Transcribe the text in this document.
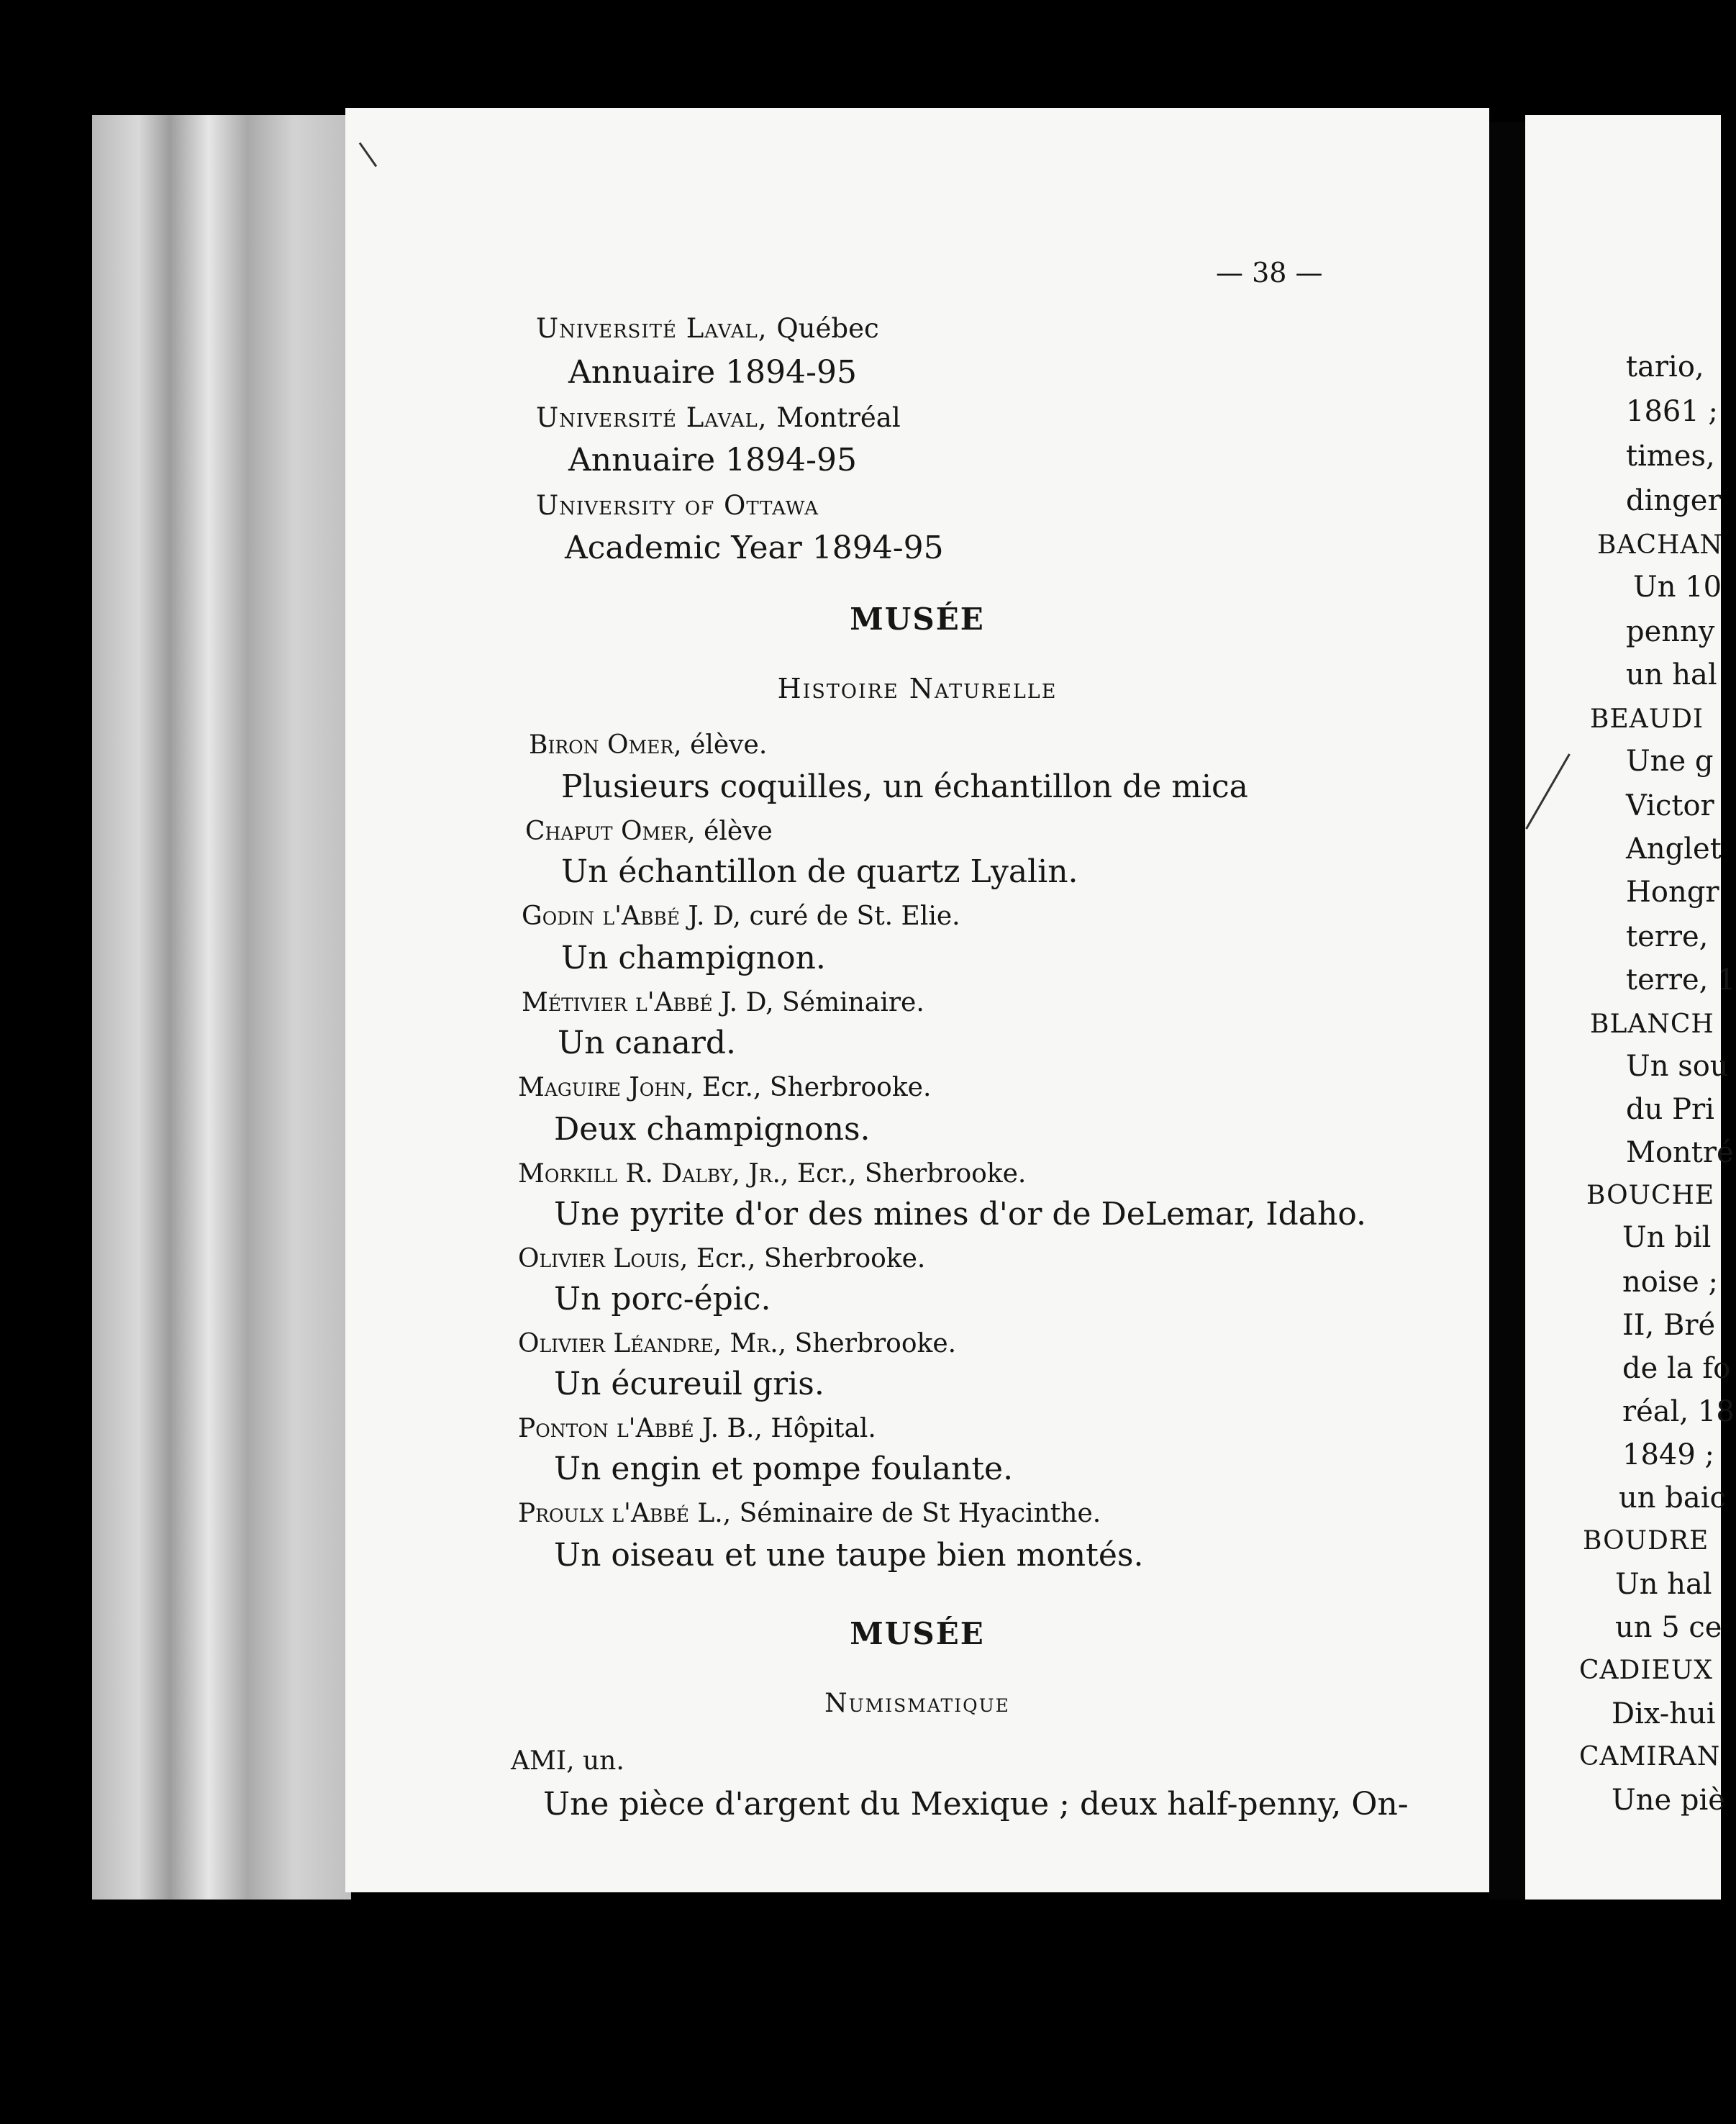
— 38 —
Université Laval, Québec
Annuaire 1894-95
Université Laval, Montréal
Annuaire 1894-95
University of Ottawa
Academic Year 1894-95
MUSÉE
Histoire Naturelle
Biron Omer, élève.
Plusieurs coquilles, un échantillon de mica
Chaput Omer, élève
Un échantillon de quartz Lyalin.
Godin l'Abbé J. D, curé de St. Elie.
Un champignon.
Métivier l'Abbé J. D, Séminaire.
Un canard.
Maguire John, Ecr., Sherbrooke.
Deux champignons.
Morkill R. Dalby, Jr., Ecr., Sherbrooke.
Une pyrite d'or des mines d'or de DeLemar, Idaho.
Olivier Louis, Ecr., Sherbrooke.
Un porc-épic.
Olivier Léandre, Mr., Sherbrooke.
Un écureuil gris.
Ponton l'Abbé J. B., Hôpital.
Un engin et pompe foulante.
Proulx l'Abbé L., Séminaire de St Hyacinthe.
Un oiseau et une taupe bien montés.
MUSÉE
Numismatique
AMI, un.
Une pièce d'argent du Mexique ; deux half-penny, On-
tario,
1861 ;
times,
dinger
BACHAN
Un 10
penny
un hal
BEAUDI
Une g
Victor
Anglet
Hongr
terre,
terre, 1
BLANCH
Un sou
du Pri
Montré
BOUCHE
Un bil
noise ;
II, Bré
de la fo
réal, 18
1849 ;
un baic
BOUDRE
Un hal
un 5 ce
CADIEUX
Dix-hui
CAMIRAN
Une piè
